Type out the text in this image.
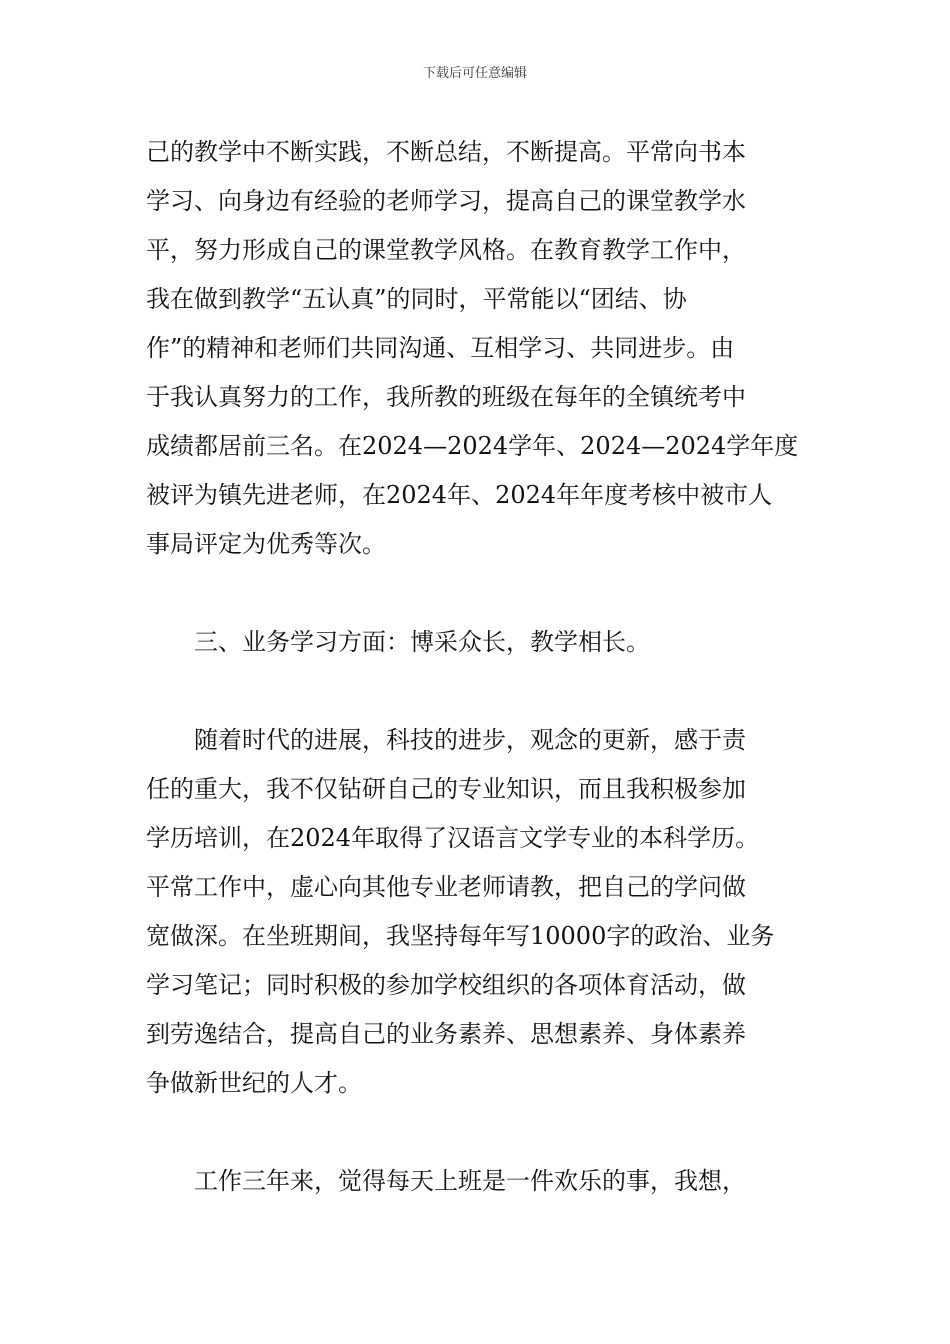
下载后可任意编辑
己的教学中不断实践，不断总结，不断提高。平常向书本
学习、向身边有经验的老师学习，提高自己的课堂教学水
平，努力形成自己的课堂教学风格。在教育教学工作中，
我在做到教学“五认真”的同时，平常能以“团结、协
作”的精神和老师们共同沟通、互相学习、共同进步。由
于我认真努力的工作，我所教的班级在每年的全镇统考中
成绩都居前三名。在2024—2024学年、2024—2024学年度
被评为镇先进老师，在2024年、2024年年度考核中被市人
事局评定为优秀等次。
三、业务学习方面：博采众长，教学相长。
随着时代的进展，科技的进步，观念的更新，感于责
任的重大，我不仅钻研自己的专业知识，而且我积极参加
学历培训，在2024年取得了汉语言文学专业的本科学历。
平常工作中，虚心向其他专业老师请教，把自己的学问做
宽做深。在坐班期间，我坚持每年写10000字的政治、业务
学习笔记；同时积极的参加学校组织的各项体育活动，做
到劳逸结合，提高自己的业务素养、思想素养、身体素养
争做新世纪的人才。
工作三年来，觉得每天上班是一件欢乐的事，我想，
